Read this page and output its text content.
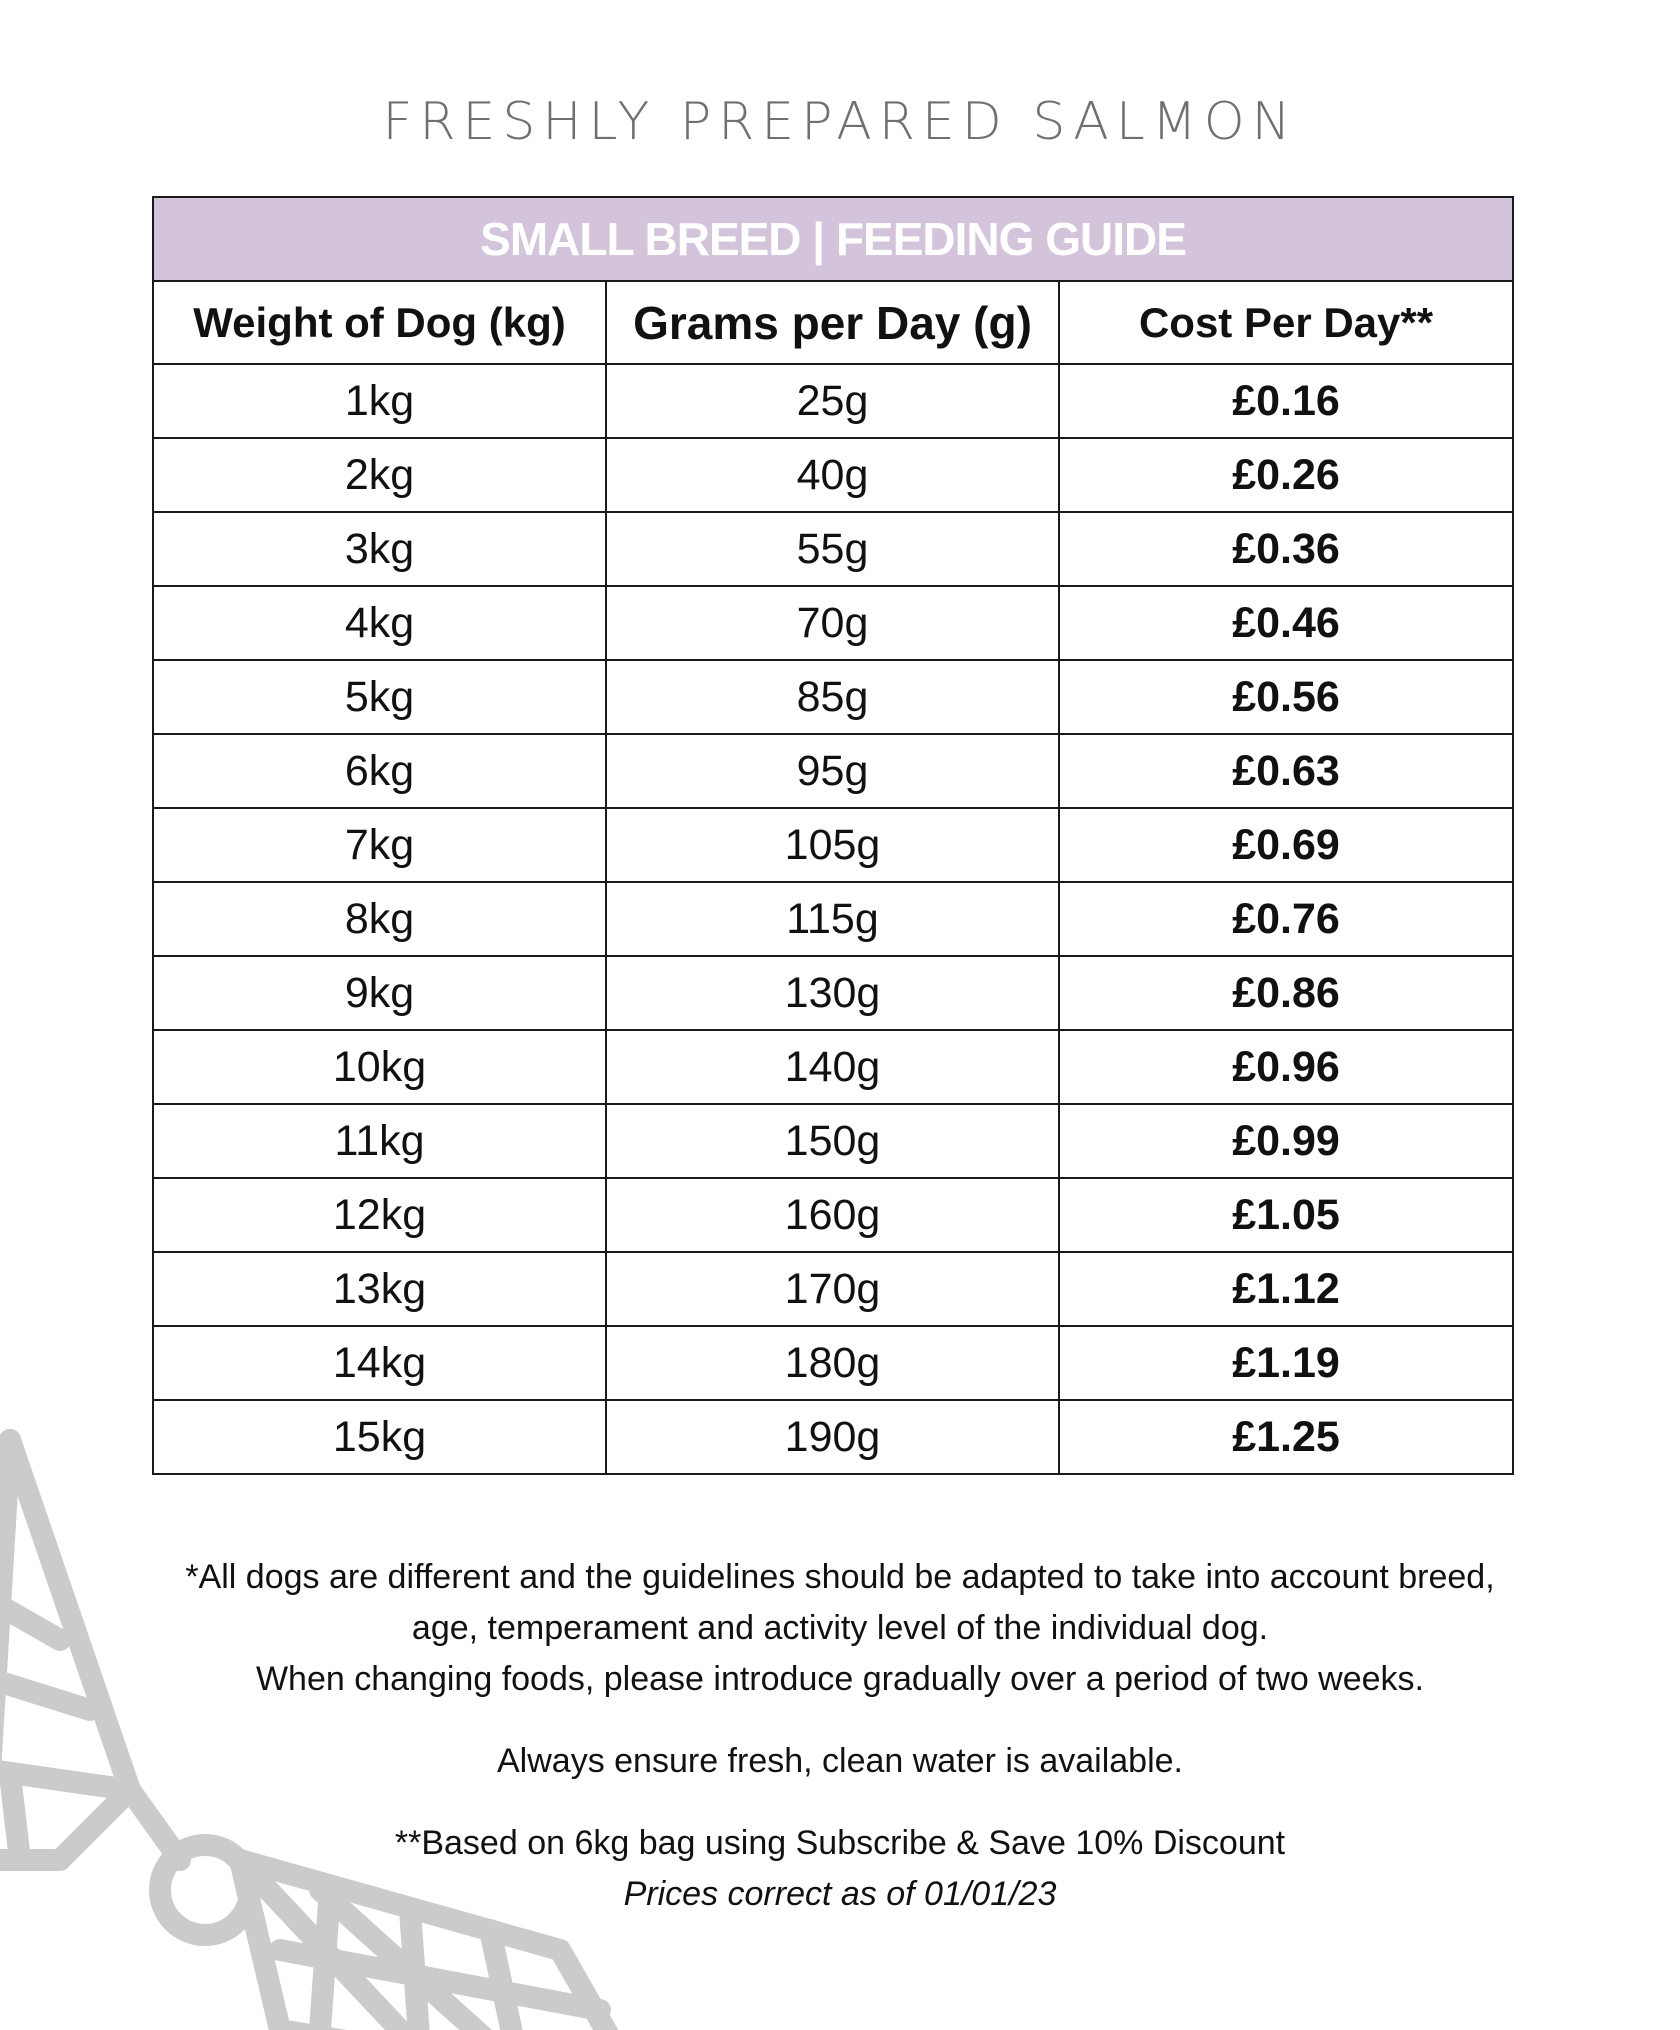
FRESHLY PREPARED SALMON
SMALL BREED | FEEDING GUIDE		
Weight of Dog (kg)	Grams per Day (g)	Cost Per Day**
1kg	25g	£0.16
2kg	40g	£0.26
3kg	55g	£0.36
4kg	70g	£0.46
5kg	85g	£0.56
6kg	95g	£0.63
7kg	105g	£0.69
8kg	115g	£0.76
9kg	130g	£0.86
10kg	140g	£0.96
11kg	150g	£0.99
12kg	160g	£1.05
13kg	170g	£1.12
14kg	180g	£1.19
15kg	190g	£1.25

*All dogs are different and the guidelines should be adapted to take into account breed,

age, temperament and activity level of the individual dog.

When changing foods, please introduce gradually over a period of two weeks.

Always ensure fresh, clean water is available.

**Based on 6kg bag using Subscribe & Save 10% Discount

Prices correct as of 01/01/23
